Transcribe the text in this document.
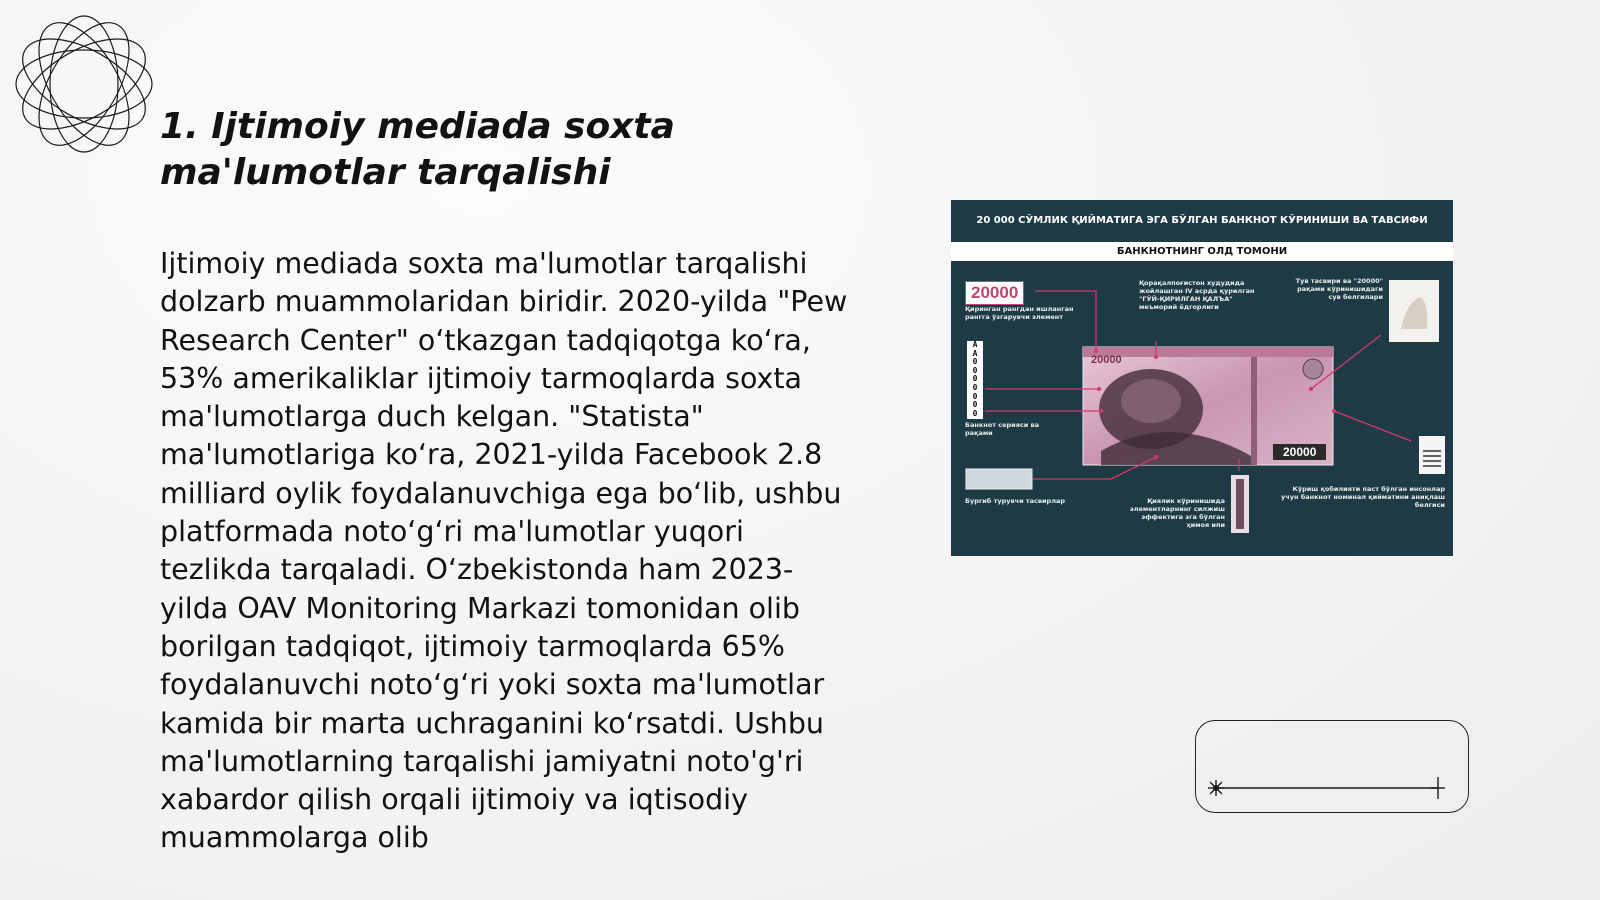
1. Ijtimoiy mediada soxta ma'lumotlar tarqalishi

Ijtimoiy mediada soxta ma'lumotlar tarqalishi dolzarb muammolaridan biridir. 2020-yilda "Pew Research Center" o‘tkazgan tadqiqotga ko‘ra, 53% amerikaliklar ijtimoiy tarmoqlarda soxta ma'lumotlarga duch kelgan. "Statista" ma'lumotlariga ko‘ra, 2021-yilda Facebook 2.8 milliard oylik foydalanuvchiga ega bo‘lib, ushbu platformada noto‘g‘ri ma'lumotlar yuqori tezlikda tarqaladi. O‘zbekistonda ham 2023-yilda OAV Monitoring Markazi tomonidan olib borilgan tadqiqot, ijtimoiy tarmoqlarda 65% foydalanuvchi noto‘g‘ri yoki soxta ma'lumotlar kamida bir marta uchraganini ko‘rsatdi. Ushbu ma'lumotlarning tarqalishi jamiyatni noto'g'ri xabardor qilish orqali ijtimoiy va iqtisodiy muammolarga olib

20 000 СЎМЛИК ҚИЙМАТИГА ЭГА БЎЛГАН БАНКНОТ КЎРИНИШИ ВА ТАВСИФИ
БАНКНОТНИНГ ОЛД ТОМОНИ
20000
AA0000000
20000
20000
Қиринган рангдан ишланган рангга ўзгарувчи элемент
Қорақалпоғистон худудида жойлашган IV асрда қурилган "ГЎЙ-ҚИРИЛГАН ҚАЛЪА" меъморий ёдгорлиги
Тув тасвири ва "20000" рақами кўринишидаги сув белгилари
Банкнот серияси ва рақами
Бургиб турувчи тасвирлар	Қиялик кўринишида элементларнинг силжиш эффектига эга бўлган ҳимоя ипи
Кўриш қобилияти паст бўлган инсонлар учун банкнот номинал қийматини аниқлаш белгиси
